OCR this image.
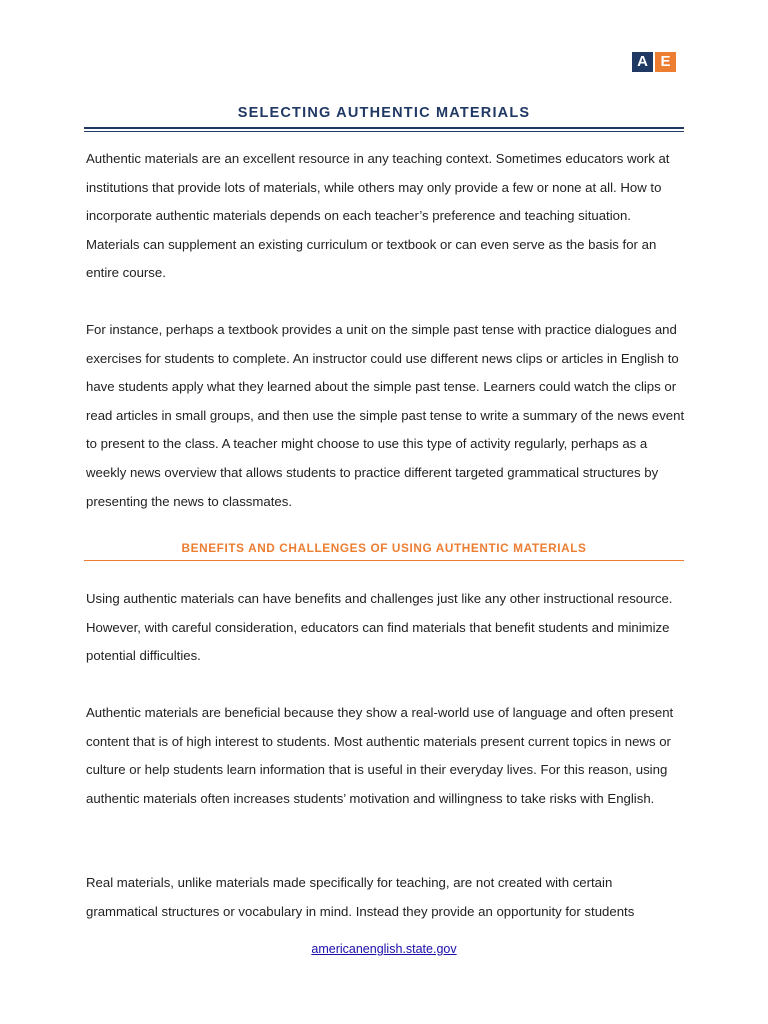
A E
SELECTING AUTHENTIC MATERIALS

Authentic materials are an excellent resource in any teaching context. Sometimes educators work at institutions that provide lots of materials, while others may only provide a few or none at all. How to incorporate authentic materials depends on each teacher’s preference and teaching situation. Materials can supplement an existing curriculum or textbook or can even serve as the basis for an entire course.

For instance, perhaps a textbook provides a unit on the simple past tense with practice dialogues and exercises for students to complete. An instructor could use different news clips or articles in English to have students apply what they learned about the simple past tense. Learners could watch the clips or read articles in small groups, and then use the simple past tense to write a summary of the news event to present to the class. A teacher might choose to use this type of activity regularly, perhaps as a weekly news overview that allows students to practice different targeted grammatical structures by presenting the news to classmates.

BENEFITS AND CHALLENGES OF USING AUTHENTIC MATERIALS

Using authentic materials can have benefits and challenges just like any other instructional resource. However, with careful consideration, educators can find materials that benefit students and minimize potential difficulties.

Authentic materials are beneficial because they show a real-world use of language and often present content that is of high interest to students. Most authentic materials present current topics in news or culture or help students learn information that is useful in their everyday lives. For this reason, using authentic materials often increases students’ motivation and willingness to take risks with English.

Real materials, unlike materials made specifically for teaching, are not created with certain grammatical structures or vocabulary in mind. Instead they provide an opportunity for students

americanenglish.state.gov
